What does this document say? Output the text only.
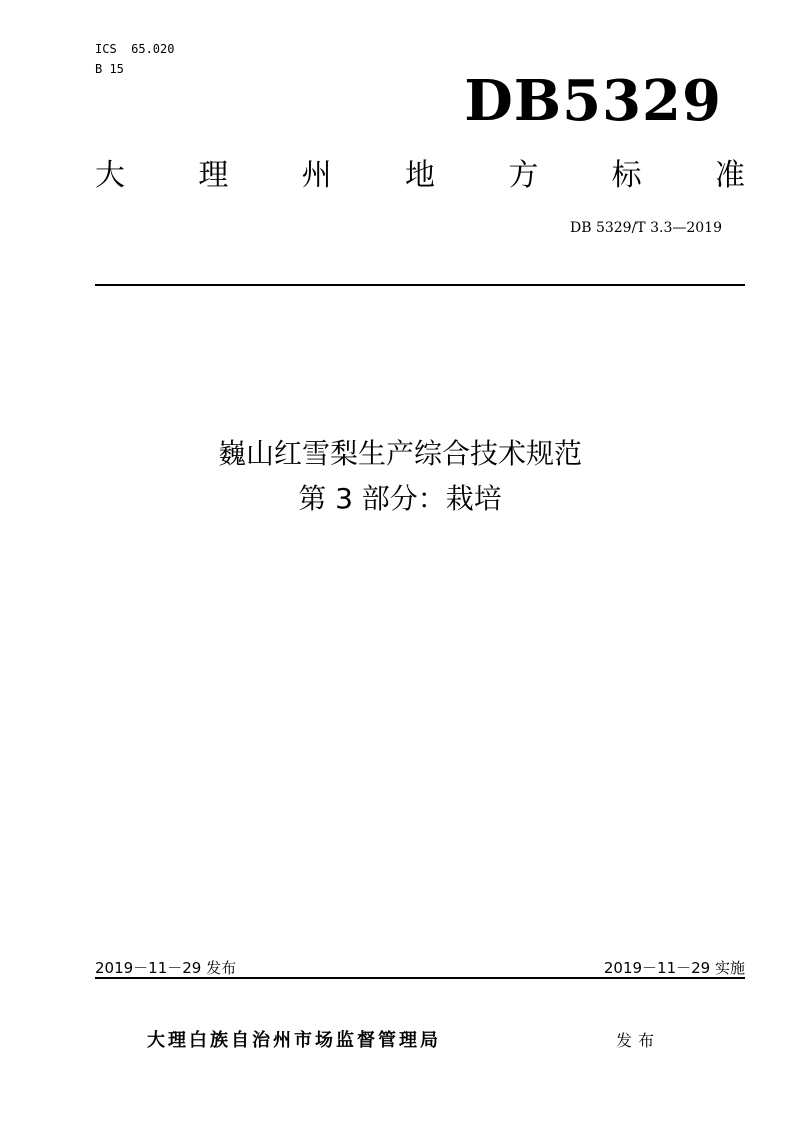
ICS  65.020
B 15	DB5329
大 理 州 地 方 标 准
DB 5329/T 3.3—2019
巍山红雪梨生产综合技术规范
第 3 部分：栽培
2019－11－29 发布	2019－11－29 实施
大理白族自治州市场监督管理局	发布
